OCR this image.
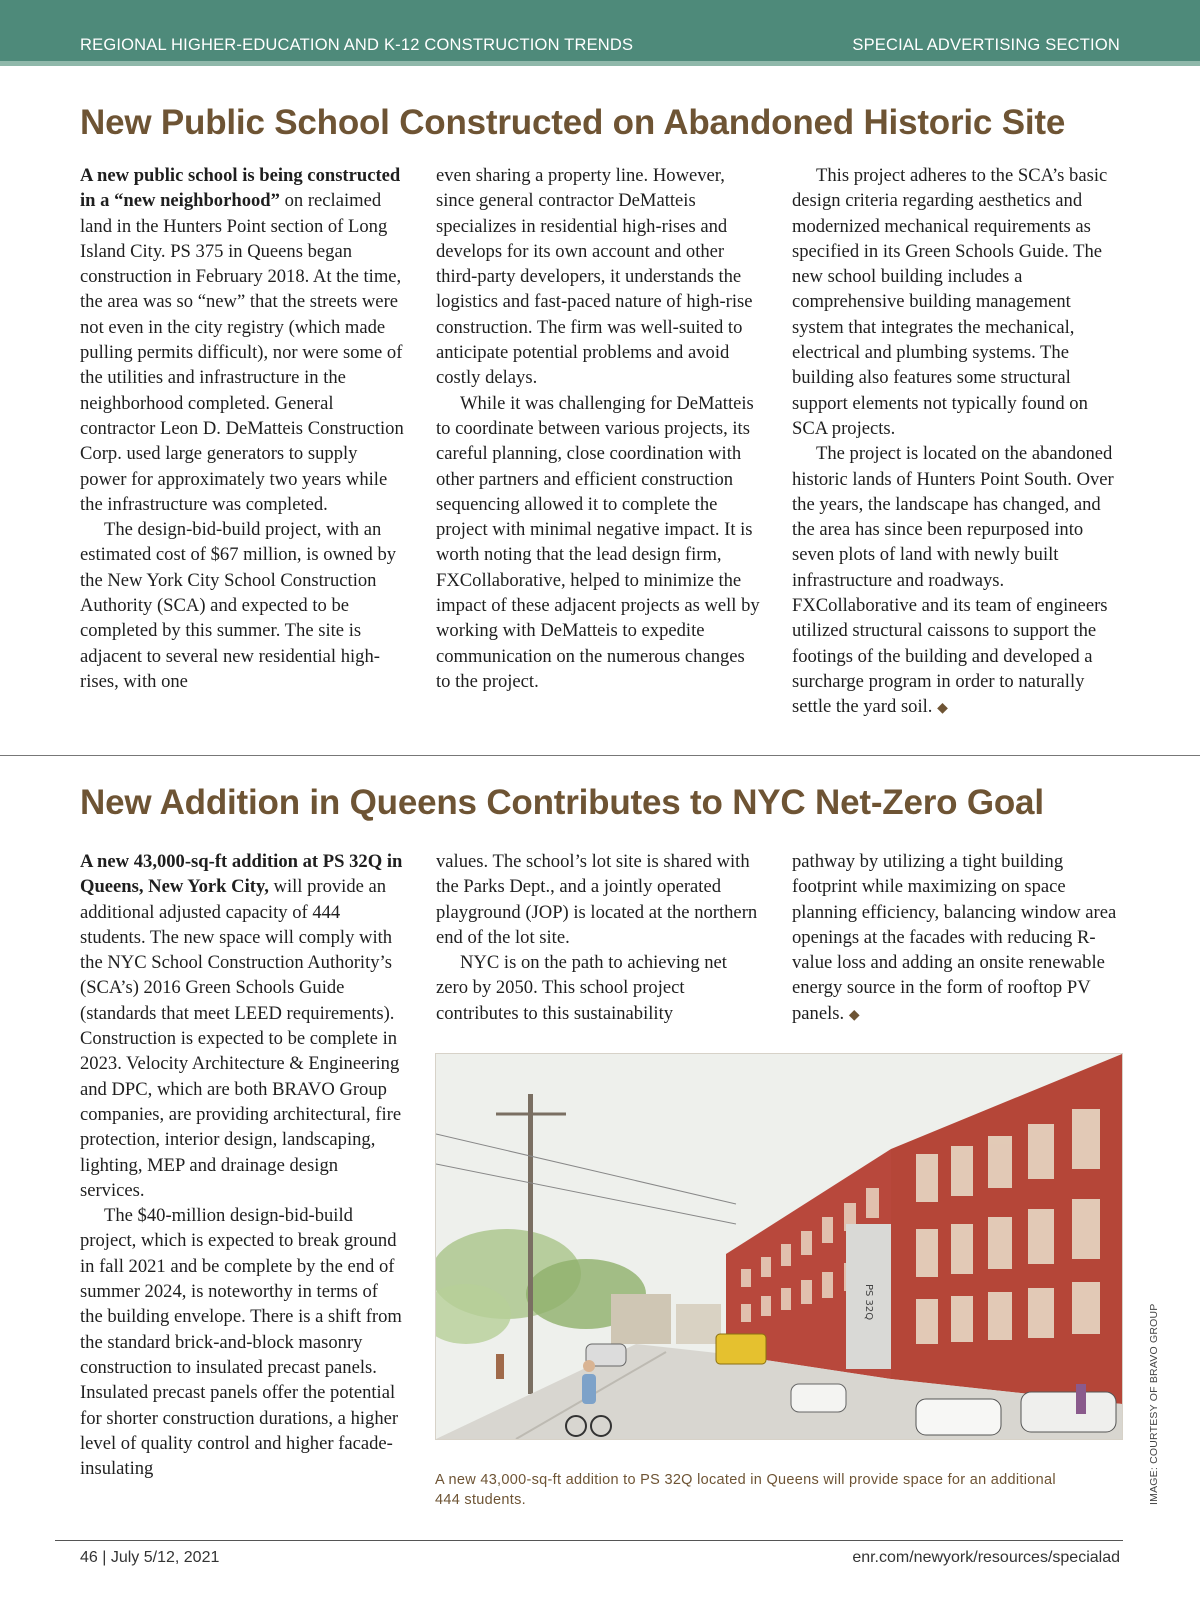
REGIONAL HIGHER-EDUCATION AND K-12 CONSTRUCTION TRENDS	SPECIAL ADVERTISING SECTION
New Public School Constructed on Abandoned Historic Site

A new public school is being constructed in a “new neighborhood” on reclaimed land in the Hunters Point section of Long Island City. PS 375 in Queens began construction in February 2018. At the time, the area was so “new” that the streets were not even in the city registry (which made pulling permits difficult), nor were some of the utilities and infrastructure in the neighborhood completed. General contractor Leon D. DeMatteis Construction Corp. used large generators to supply power for approximately two years while the infrastructure was completed.

The design-bid-build project, with an estimated cost of $67 million, is owned by the New York City School Construction Authority (SCA) and expected to be completed by this summer. The site is adjacent to several new residential high-rises, with one

even sharing a property line. However, since general contractor DeMatteis specializes in residential high-rises and develops for its own account and other third-party developers, it understands the logistics and fast-paced nature of high-rise construction. The firm was well-suited to anticipate potential problems and avoid costly delays.

While it was challenging for DeMatteis to coordinate between various projects, its careful planning, close coordination with other partners and efficient construction sequencing allowed it to complete the project with minimal negative impact. It is worth noting that the lead design firm, FXCollaborative, helped to minimize the impact of these adjacent projects as well by working with DeMatteis to expedite communication on the numerous changes to the project.

This project adheres to the SCA’s basic design criteria regarding aesthetics and modernized mechanical requirements as specified in its Green Schools Guide. The new school building includes a comprehensive building management system that integrates the mechanical, electrical and plumbing systems. The building also features some structural support elements not typically found on SCA projects.

The project is located on the abandoned historic lands of Hunters Point South. Over the years, the landscape has changed, and the area has since been repurposed into seven plots of land with newly built infrastructure and roadways. FXCollaborative and its team of engineers utilized structural caissons to support the footings of the building and developed a surcharge program in order to naturally settle the yard soil. ◆

New Addition in Queens Contributes to NYC Net-Zero Goal

A new 43,000-sq-ft addition at PS 32Q in Queens, New York City, will provide an additional adjusted capacity of 444 students. The new space will comply with the NYC School Construction Authority’s (SCA’s) 2016 Green Schools Guide (standards that meet LEED requirements). Construction is expected to be complete in 2023. Velocity Architecture & Engineering and DPC, which are both BRAVO Group companies, are providing architectural, fire protection, interior design, landscaping, lighting, MEP and drainage design services.

The $40-million design-bid-build project, which is expected to break ground in fall 2021 and be complete by the end of summer 2024, is noteworthy in terms of the building envelope. There is a shift from the standard brick-and-block masonry construction to insulated precast panels. Insulated precast panels offer the potential for shorter construction durations, a higher level of quality control and higher facade-insulating

values. The school’s lot site is shared with the Parks Dept., and a jointly operated playground (JOP) is located at the northern end of the lot site.

NYC is on the path to achieving net zero by 2050. This school project contributes to this sustainability

pathway by utilizing a tight building footprint while maximizing on space planning efficiency, balancing window area openings at the facades with reducing R-value loss and adding an onsite renewable energy source in the form of rooftop PV panels. ◆

PS 32Q
A new 43,000-sq-ft addition to PS 32Q located in Queens will provide space for an additional 444 students.	IMAGE: COURTESY OF BRAVO GROUP
46 | July 5/12, 2021	enr.com/newyork/resources/specialad
